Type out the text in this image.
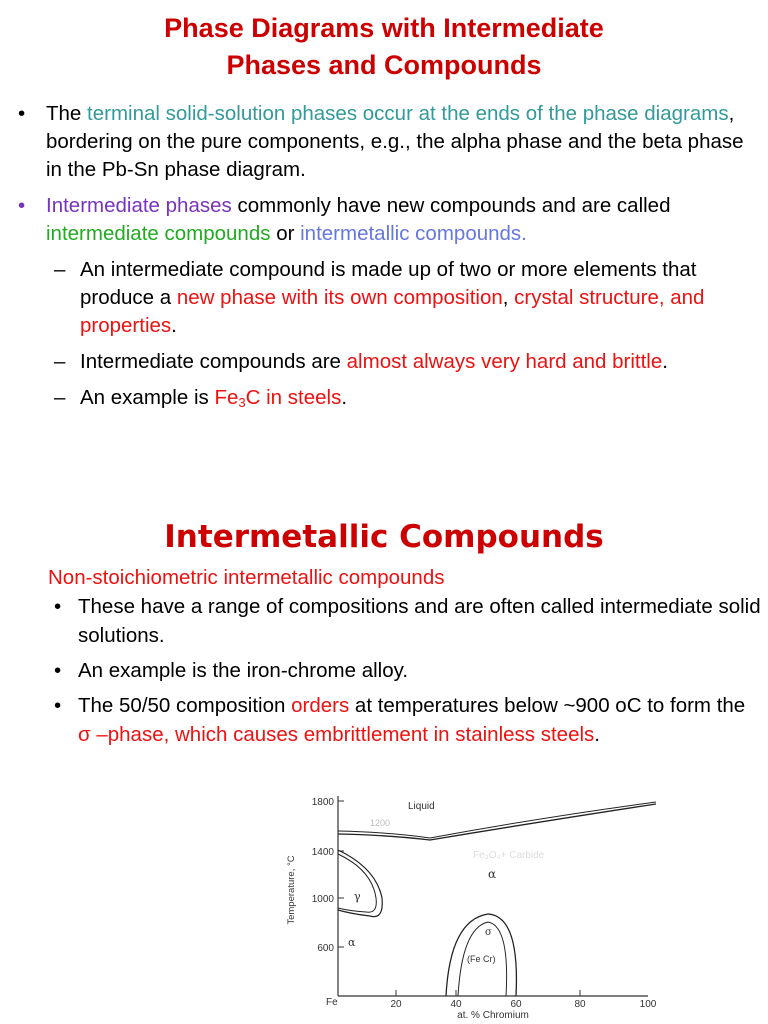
Phase Diagrams with Intermediate
Phases and Compounds
• The terminal solid-solution phases occur at the ends of the phase diagrams, bordering on the pure components, e.g., the alpha phase and the beta phase in the Pb-Sn phase diagram.
• Intermediate phases commonly have new compounds and are called intermediate compounds or intermetallic compounds.
– An intermediate compound is made up of two or more elements that produce a new phase with its own composition, crystal structure, and properties.
– Intermediate compounds are almost always very hard and brittle.
– An example is $Fe_3C$ in steels.
Intermetallic Compounds
Non-stoichiometric intermetallic compounds
• These have a range of compositions and are often called intermediate solid solutions.
• An example is the iron-chrome alloy.
• The 50/50 composition orders at temperatures below ~900 oC to form the σ –phase, which causes embrittlement in stainless steels.
Fe₃O₄+ Carbide
1200
1800
1400
1000
600
20	40	60	80	100
Fe
Temperature, °C
at. % Chromium
Liquid
α
γ
α
σ
(Fe Cr)
